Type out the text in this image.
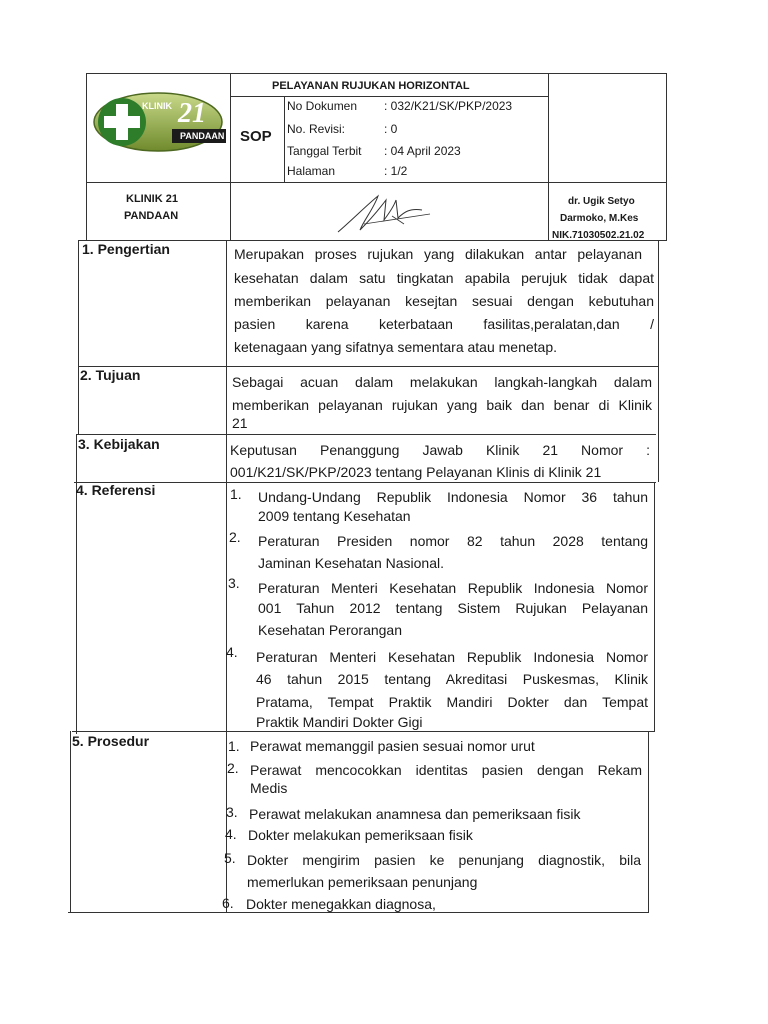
KLINIK 21
PANDAAN
PELAYANAN RUJUKAN HORIZONTAL
SOP
No Dokumen : 032/K21/SK/PKP/2023
No. Revisi:	: 0
Tanggal Terbit : 04 April 2023
Halaman	: 1/2
KLINIK 21
PANDAAN
dr. Ugik Setyo
Darmoko, M.Kes
NIK.71030502.21.02
1. Pengertian	Merupakan proses rujukan yang dilakukan antar pelayanan
kesehatan dalam satu tingkatan apabila perujuk tidak dapat
memberikan pelayanan kesejtan sesuai dengan kebutuhan
pasien karena keterbataan fasilitas,peralatan,dan /
ketenagaan yang sifatnya sementara atau menetap.
2. Tujuan	Sebagai acuan dalam melakukan langkah-langkah dalam
memberikan pelayanan rujukan yang baik dan benar di Klinik
21
3. Kebijakan	Keputusan Penanggung Jawab Klinik 21 Nomor :
001/K21/SK/PKP/2023 tentang Pelayanan Klinis di Klinik 21
4. Referensi	1. Undang-Undang Republik Indonesia Nomor 36 tahun
2009 tentang Kesehatan
2. Peraturan Presiden nomor 82 tahun 2028 tentang
Jaminan Kesehatan Nasional.
3. Peraturan Menteri Kesehatan Republik Indonesia Nomor
001 Tahun 2012 tentang Sistem Rujukan Pelayanan
Kesehatan Perorangan
4. Peraturan Menteri Kesehatan Republik Indonesia Nomor
46 tahun 2015 tentang Akreditasi Puskesmas, Klinik
Pratama, Tempat Praktik Mandiri Dokter dan Tempat
Praktik Mandiri Dokter Gigi
5. Prosedur	1. Perawat memanggil pasien sesuai nomor urut
2. Perawat mencocokkan identitas pasien dengan Rekam
Medis
3. Perawat melakukan anamnesa dan pemeriksaan fisik
4. Dokter melakukan pemeriksaan fisik
5. Dokter mengirim pasien ke penunjang diagnostik, bila
memerlukan pemeriksaan penunjang
6. Dokter menegakkan diagnosa,
